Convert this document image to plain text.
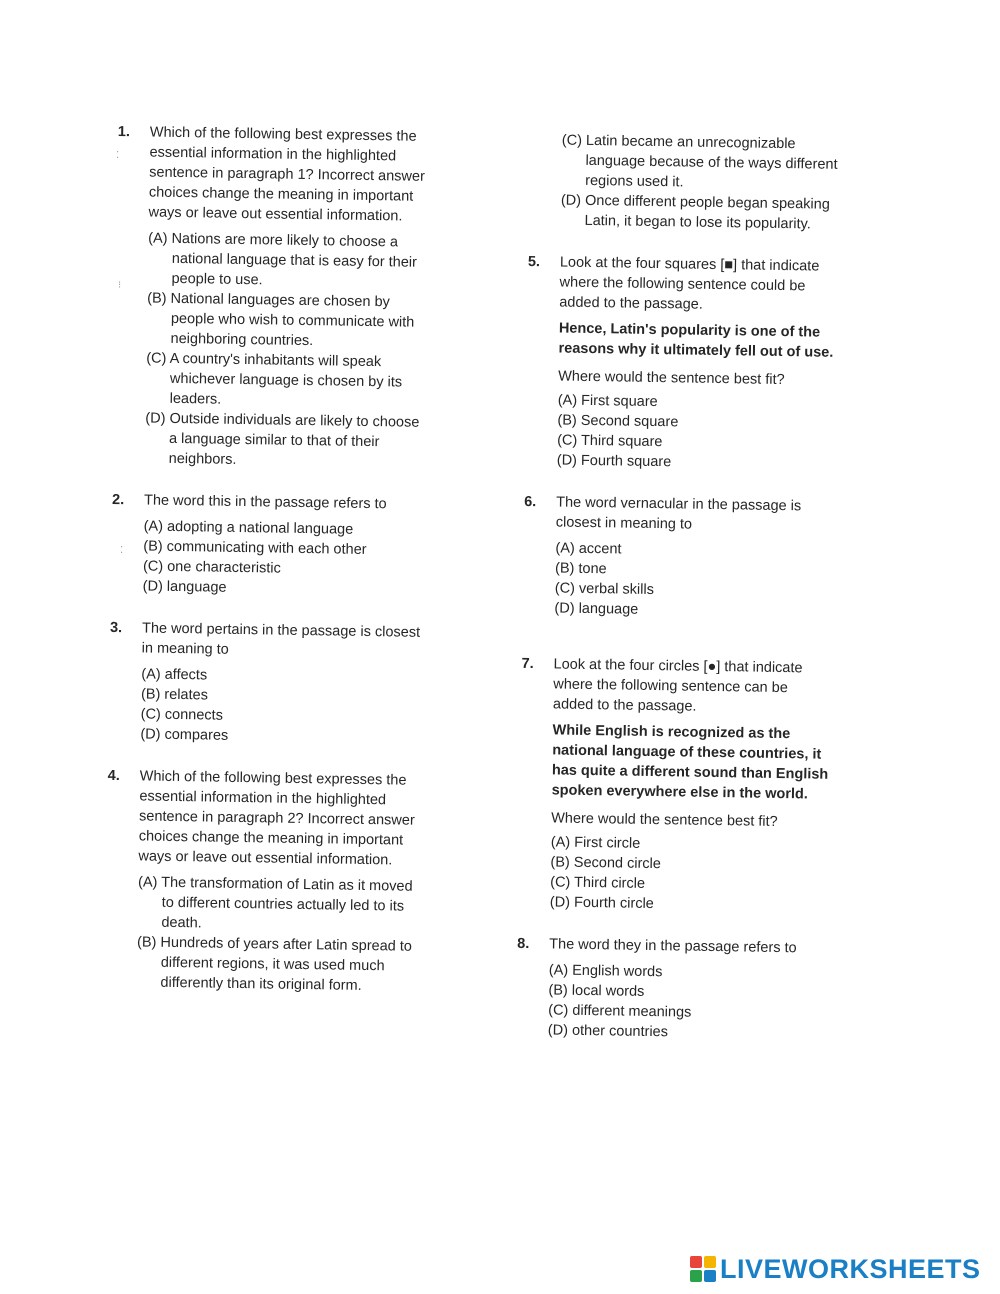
1. Which of the following best expresses the essential information in the highlighted sentence in paragraph 1? Incorrect answer choices change the meaning in important ways or leave out essential information.

(A) Nations are more likely to choose a national language that is easy for their people to use.

(B) National languages are chosen by people who wish to communicate with neighboring countries.

(C) A country's inhabitants will speak whichever language is chosen by its leaders.

(D) Outside individuals are likely to choose a language similar to that of their neighbors.

2. The word this in the passage refers to

(A) adopting a national language

(B) communicating with each other

(C) one characteristic

(D) language

3. The word pertains in the passage is closest in meaning to

(A) affects

(B) relates

(C) connects

(D) compares

4. Which of the following best expresses the essential information in the highlighted sentence in paragraph 2? Incorrect answer choices change the meaning in important ways or leave out essential information.

(A) The transformation of Latin as it moved to different countries actually led to its death.

(B) Hundreds of years after Latin spread to different regions, it was used much differently than its original form.

(C) Latin became an unrecognizable language because of the ways different regions used it.

(D) Once different people began speaking Latin, it began to lose its popularity.

5. Look at the four squares [■] that indicate where the following sentence could be added to the passage.

Hence, Latin's popularity is one of the reasons why it ultimately fell out of use.

Where would the sentence best fit?

(A) First square

(B) Second square

(C) Third square

(D) Fourth square

6. The word vernacular in the passage is closest in meaning to

(A) accent

(B) tone

(C) verbal skills

(D) language

7. Look at the four circles [●] that indicate where the following sentence can be added to the passage.

While English is recognized as the national language of these countries, it has quite a different sound than English spoken everywhere else in the world.

Where would the sentence best fit?

(A) First circle

(B) Second circle

(C) Third circle

(D) Fourth circle

8. The word they in the passage refers to

(A) English words

(B) local words

(C) different meanings

(D) other countries

⁚
⁝
⁚
LIVEWORKSHEETS
